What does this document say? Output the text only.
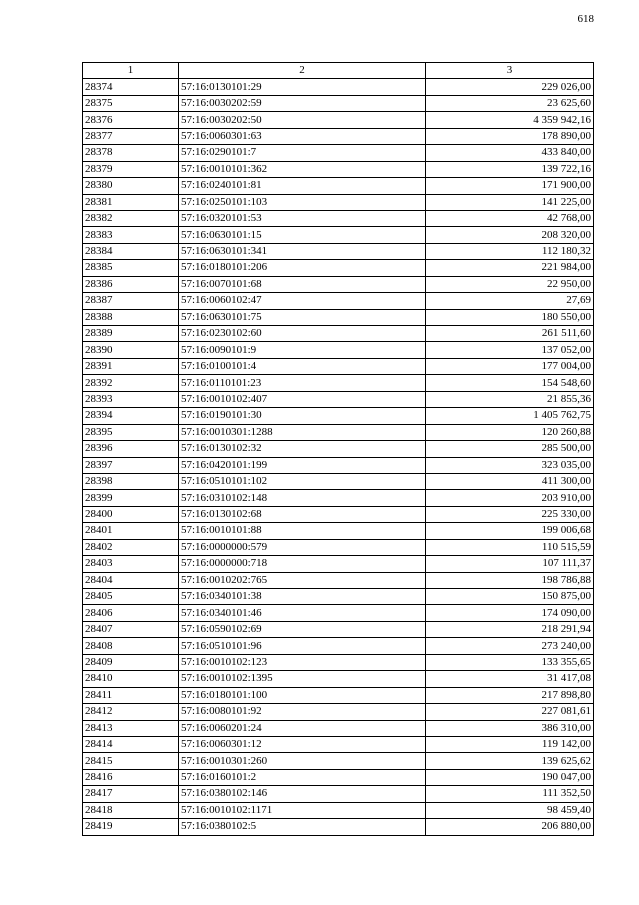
618
1	2	3
28374	57:16:0130101:29	229 026,00
28375	57:16:0030202:59	23 625,60
28376	57:16:0030202:50	4 359 942,16
28377	57:16:0060301:63	178 890,00
28378	57:16:0290101:7	433 840,00
28379	57:16:0010101:362	139 722,16
28380	57:16:0240101:81	171 900,00
28381	57:16:0250101:103	141 225,00
28382	57:16:0320101:53	42 768,00
28383	57:16:0630101:15	208 320,00
28384	57:16:0630101:341	112 180,32
28385	57:16:0180101:206	221 984,00
28386	57:16:0070101:68	22 950,00
28387	57:16:0060102:47	27,69
28388	57:16:0630101:75	180 550,00
28389	57:16:0230102:60	261 511,60
28390	57:16:0090101:9	137 052,00
28391	57:16:0100101:4	177 004,00
28392	57:16:0110101:23	154 548,60
28393	57:16:0010102:407	21 855,36
28394	57:16:0190101:30	1 405 762,75
28395	57:16:0010301:1288	120 260,88
28396	57:16:0130102:32	285 500,00
28397	57:16:0420101:199	323 035,00
28398	57:16:0510101:102	411 300,00
28399	57:16:0310102:148	203 910,00
28400	57:16:0130102:68	225 330,00
28401	57:16:0010101:88	199 006,68
28402	57:16:0000000:579	110 515,59
28403	57:16:0000000:718	107 111,37
28404	57:16:0010202:765	198 786,88
28405	57:16:0340101:38	150 875,00
28406	57:16:0340101:46	174 090,00
28407	57:16:0590102:69	218 291,94
28408	57:16:0510101:96	273 240,00
28409	57:16:0010102:123	133 355,65
28410	57:16:0010102:1395	31 417,08
28411	57:16:0180101:100	217 898,80
28412	57:16:0080101:92	227 081,61
28413	57:16:0060201:24	386 310,00
28414	57:16:0060301:12	119 142,00
28415	57:16:0010301:260	139 625,62
28416	57:16:0160101:2	190 047,00
28417	57:16:0380102:146	111 352,50
28418	57:16:0010102:1171	98 459,40
28419	57:16:0380102:5	206 880,00
